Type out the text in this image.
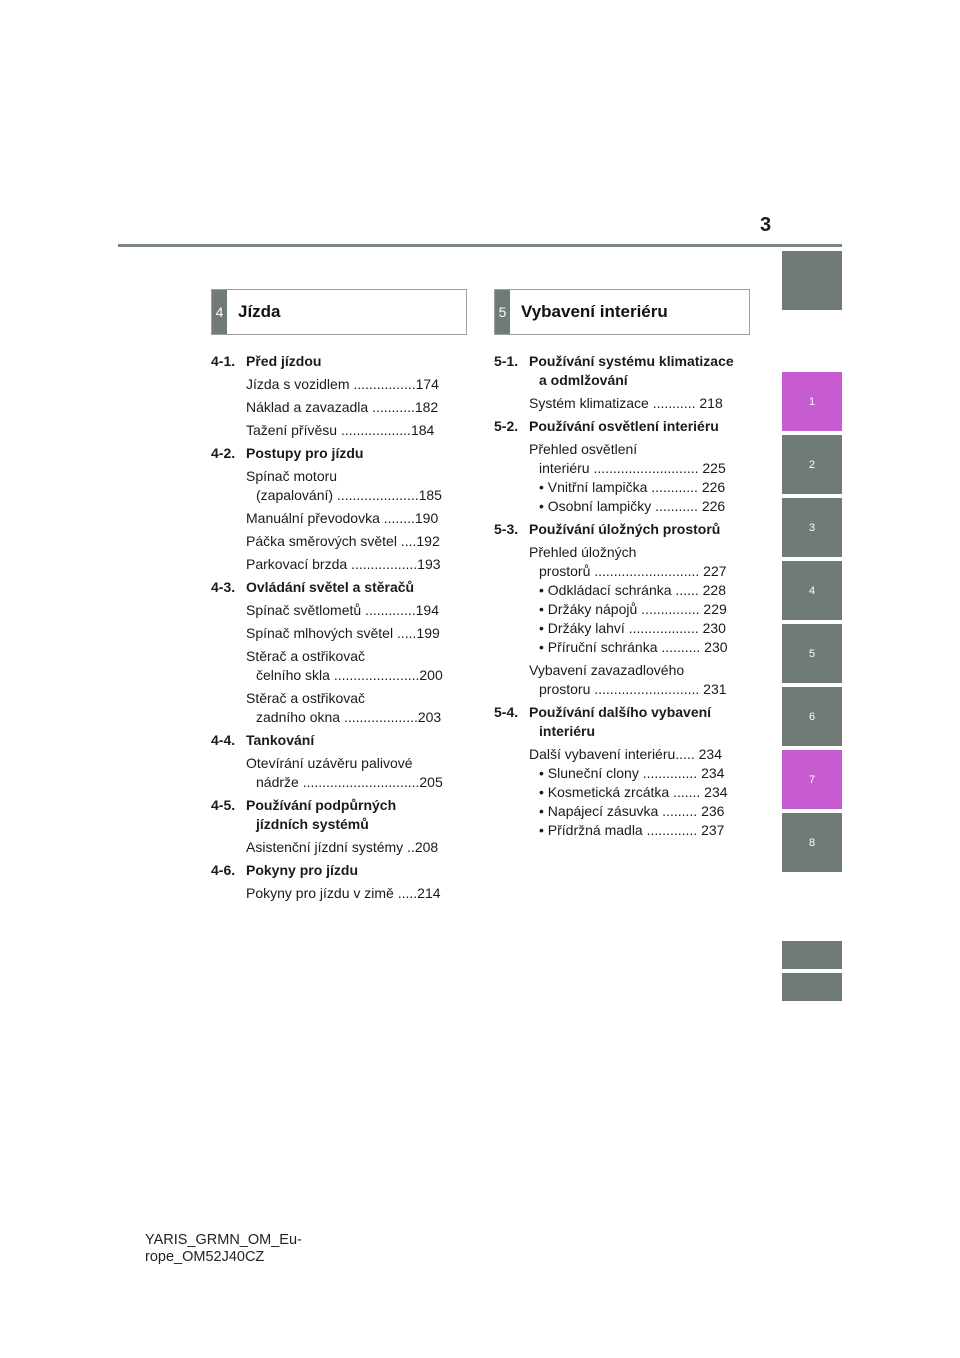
3
1
2
3
4
5
6
7
8
4 Jízda	5 Vybavení interiéru
4-1. Před jízdou
Jízda s vozidlem ................174
Náklad a zavazadla ...........182
Tažení přívěsu ..................184
4-2. Postupy pro jízdu
Spínač motoru
(zapalování) .....................185
Manuální převodovka ........190
Páčka směrových světel ....192
Parkovací brzda .................193
4-3. Ovládání světel a stěračů
Spínač světlometů .............194
Spínač mlhových světel .....199
Stěrač a ostřikovač
čelního skla ......................200
Stěrač a ostřikovač
zadního okna ...................203
4-4. Tankování
Otevírání uzávěru palivové
nádrže ..............................205
4-5. Používání podpůrných
jízdních systémů
Asistenční jízdní systémy ..208
4-6. Pokyny pro jízdu
Pokyny pro jízdu v zimě .....214
5-1. Používání systému klimatizace
a odmlžování
Systém klimatizace ........... 218
5-2. Používání osvětlení interiéru
Přehled osvětlení
interiéru ........................... 225
• Vnitřní lampička ............ 226
• Osobní lampičky ........... 226
5-3. Používání úložných prostorů
Přehled úložných
prostorů ........................... 227
• Odkládací schránka ...... 228
• Držáky nápojů ............... 229
• Držáky lahví .................. 230
• Příruční schránka .......... 230
Vybavení zavazadlového
prostoru ........................... 231
5-4. Používání dalšího vybavení
interiéru
Další vybavení interiéru..... 234
• Sluneční clony .............. 234
• Kosmetická zrcátka ....... 234
• Napájecí zásuvka ......... 236
• Přídržná madla ............. 237
YARIS_GRMN_OM_Eu-
rope_OM52J40CZ
